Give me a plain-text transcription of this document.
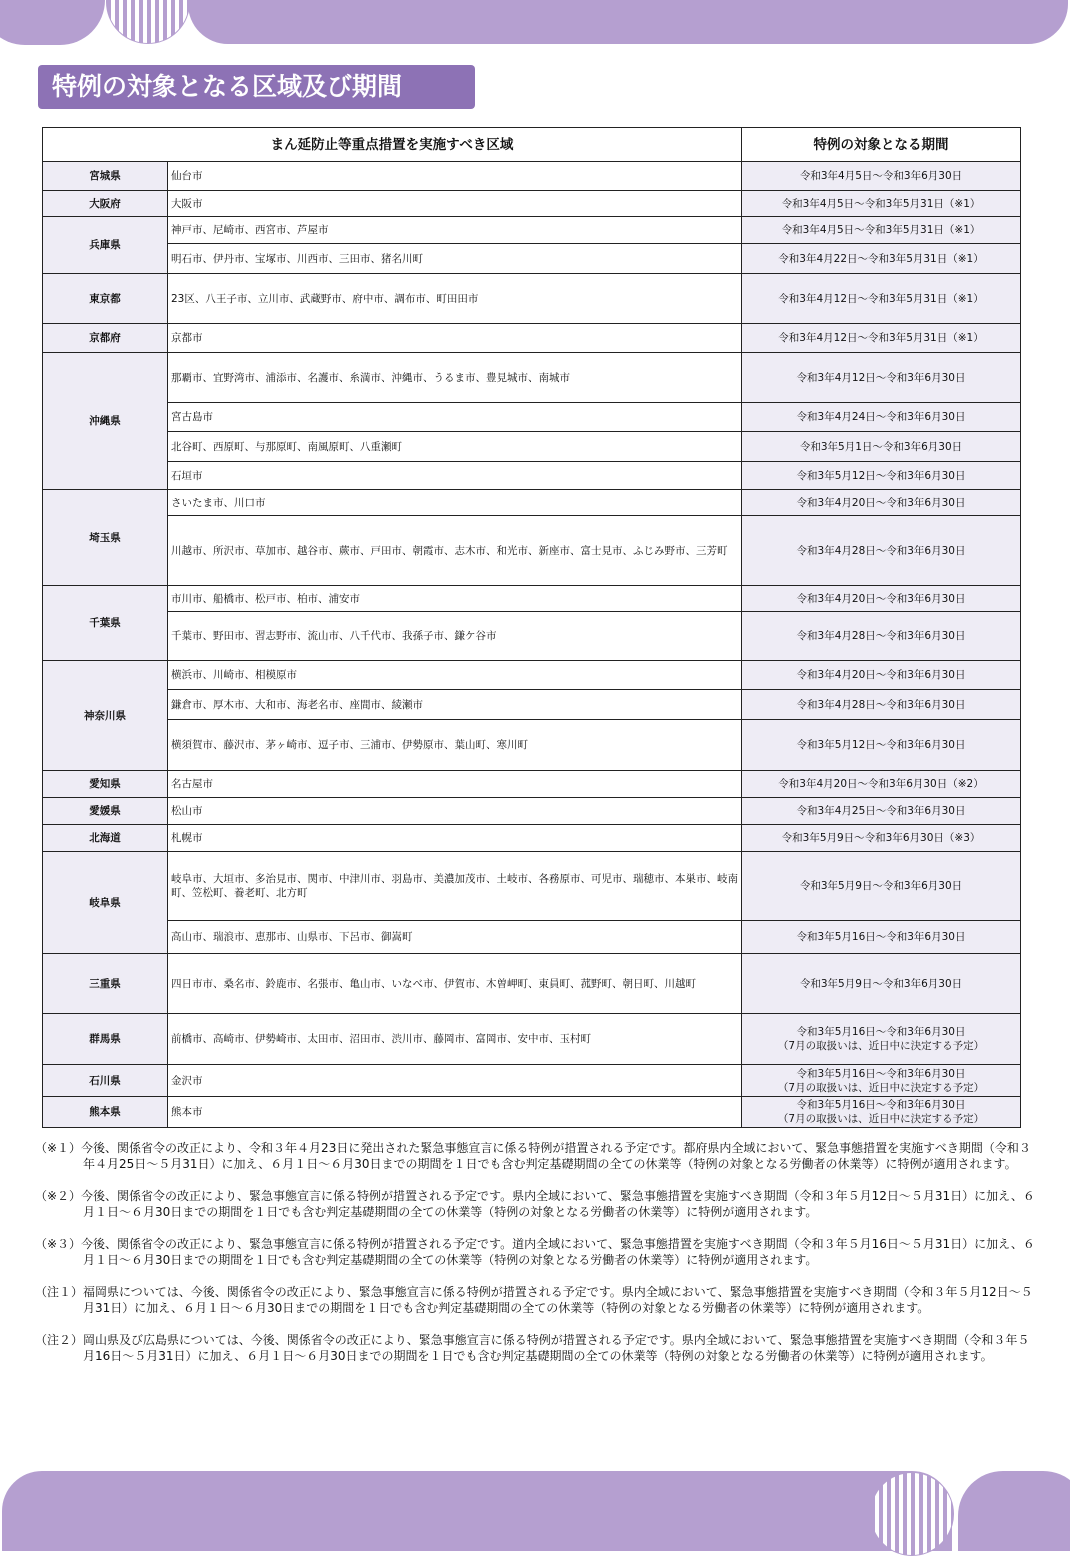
特例の対象となる区域及び期間
まん延防止等重点措置を実施すべき区域		特例の対象となる期間
宮城県	仙台市	令和3年4月5日～令和3年6月30日

大阪府	大阪市	令和3年4月5日～令和3年5月31日（※1）

兵庫県	神戸市、尼崎市、西宮市、芦屋市	令和3年4月5日～令和3年5月31日（※1）

	明石市、伊丹市、宝塚市、川西市、三田市、猪名川町	令和3年4月22日～令和3年5月31日（※1）

東京都	23区、八王子市、立川市、武蔵野市、府中市、調布市、町田田市	令和3年4月12日～令和3年5月31日（※1）

京都府	京都市	令和3年4月12日～令和3年5月31日（※1）

沖縄県	那覇市、宜野湾市、浦添市、名護市、糸満市、沖縄市、うるま市、豊見城市、南城市	令和3年4月12日～令和3年6月30日

	宮古島市	令和3年4月24日～令和3年6月30日

	北谷町、西原町、与那原町、南風原町、八重瀬町	令和3年5月1日～令和3年6月30日

	石垣市	令和3年5月12日～令和3年6月30日

埼玉県	さいたま市、川口市	令和3年4月20日～令和3年6月30日

	川越市、所沢市、草加市、越谷市、蕨市、戸田市、朝霞市、志木市、和光市、新座市、富士見市、ふじみ野市、三芳町	令和3年4月28日～令和3年6月30日

千葉県	市川市、船橋市、松戸市、柏市、浦安市	令和3年4月20日～令和3年6月30日

	千葉市、野田市、習志野市、流山市、八千代市、我孫子市、鎌ケ谷市	令和3年4月28日～令和3年6月30日

神奈川県	横浜市、川崎市、相模原市	令和3年4月20日～令和3年6月30日

	鎌倉市、厚木市、大和市、海老名市、座間市、綾瀬市	令和3年4月28日～令和3年6月30日

	横須賀市、藤沢市、茅ヶ崎市、逗子市、三浦市、伊勢原市、葉山町、寒川町	令和3年5月12日～令和3年6月30日

愛知県	名古屋市	令和3年4月20日～令和3年6月30日（※2）

愛媛県	松山市	令和3年4月25日～令和3年6月30日

北海道	札幌市	令和3年5月9日～令和3年6月30日（※3）

岐阜県	岐阜市、大垣市、多治見市、関市、中津川市、羽島市、美濃加茂市、土岐市、各務原市、可児市、瑞穂市、本巣市、岐南町、笠松町、養老町、北方町	令和3年5月9日～令和3年6月30日

	高山市、瑞浪市、恵那市、山県市、下呂市、御嵩町	令和3年5月16日～令和3年6月30日

三重県	四日市市、桑名市、鈴鹿市、名張市、亀山市、いなべ市、伊賀市、木曽岬町、東員町、菰野町、朝日町、川越町	令和3年5月9日～令和3年6月30日

群馬県	前橋市、高崎市、伊勢崎市、太田市、沼田市、渋川市、藤岡市、富岡市、安中市、玉村町	令和3年5月16日～令和3年6月30日
（7月の取扱いは、近日中に決定する予定）

石川県	金沢市	令和3年5月16日～令和3年6月30日
（7月の取扱いは、近日中に決定する予定）

熊本県	熊本市	令和3年5月16日～令和3年6月30日
（7月の取扱いは、近日中に決定する予定）
（※１）今後、関係省令の改正により、令和３年４月23日に発出された緊急事態宣言に係る特例が措置される予定です。都府県内全域において、緊急事態措置を実施すべき期間（令和３年４月25日～５月31日）に加え、６月１日～６月30日までの期間を１日でも含む判定基礎期間の全ての休業等（特例の対象となる労働者の休業等）に特例が適用されます。
（※２）今後、関係省令の改正により、緊急事態宣言に係る特例が措置される予定です。県内全域において、緊急事態措置を実施すべき期間（令和３年５月12日～５月31日）に加え、６月１日～６月30日までの期間を１日でも含む判定基礎期間の全ての休業等（特例の対象となる労働者の休業等）に特例が適用されます。
（※３）今後、関係省令の改正により、緊急事態宣言に係る特例が措置される予定です。道内全域において、緊急事態措置を実施すべき期間（令和３年５月16日～５月31日）に加え、６月１日～６月30日までの期間を１日でも含む判定基礎期間の全ての休業等（特例の対象となる労働者の休業等）に特例が適用されます。
（注１）福岡県については、今後、関係省令の改正により、緊急事態宣言に係る特例が措置される予定です。県内全域において、緊急事態措置を実施すべき期間（令和３年５月12日～５月31日）に加え、６月１日～６月30日までの期間を１日でも含む判定基礎期間の全ての休業等（特例の対象となる労働者の休業等）に特例が適用されます。
（注２）岡山県及び広島県については、今後、関係省令の改正により、緊急事態宣言に係る特例が措置される予定です。県内全域において、緊急事態措置を実施すべき期間（令和３年５月16日～５月31日）に加え、６月１日～６月30日までの期間を１日でも含む判定基礎期間の全ての休業等（特例の対象となる労働者の休業等）に特例が適用されます。
